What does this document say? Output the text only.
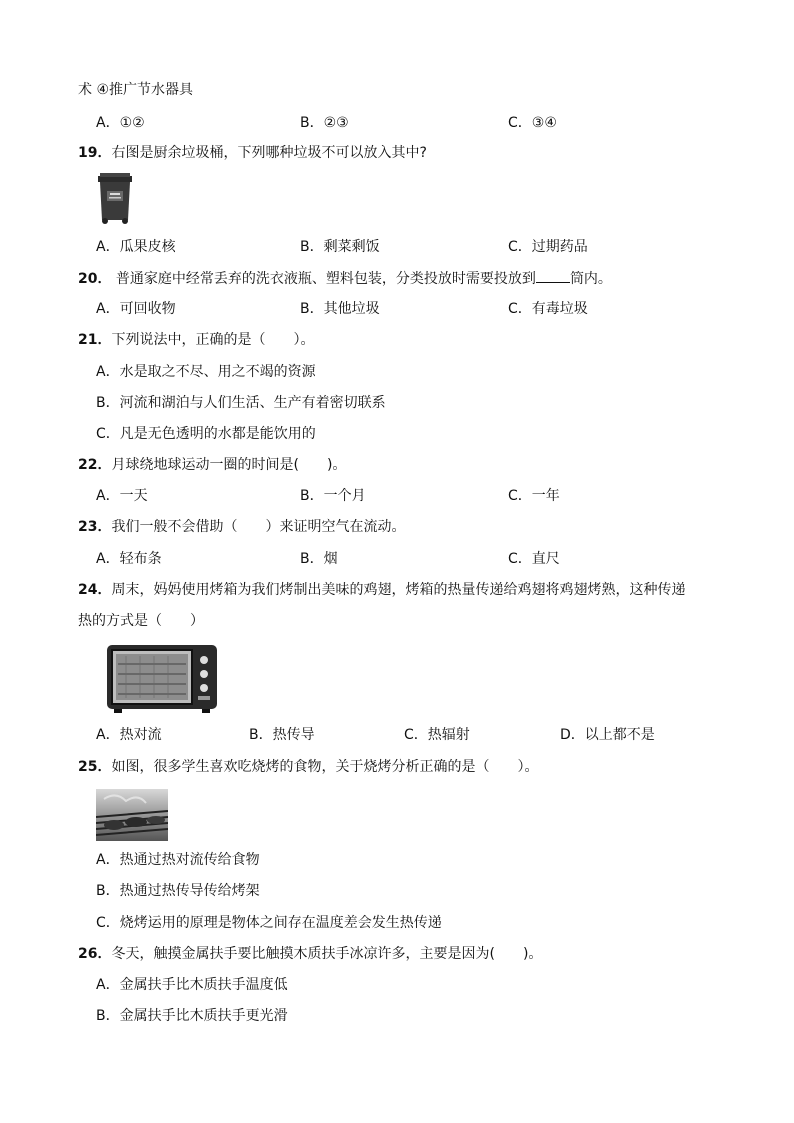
术 ④推广节水器具
A．①②	B．②③	C．③④
19．右图是厨余垃圾桶，下列哪种垃圾不可以放入其中?
A．瓜果皮核	B．剩菜剩饭	C．过期药品
20． 普通家庭中经常丢弃的洗衣液瓶、塑料包装，分类投放时需要投放到 筒内。
A．可回收物	B．其他垃圾	C．有毒垃圾
21．下列说法中，正确的是（　　）。
A．水是取之不尽、用之不竭的资源
B．河流和湖泊与人们生活、生产有着密切联系
C．凡是无色透明的水都是能饮用的
22．月球绕地球运动一圈的时间是(　　)。
A．一天	B．一个月	C．一年
23．我们一般不会借助（　　）来证明空气在流动。
A．轻布条	B．烟	C．直尺
24．周末，妈妈使用烤箱为我们烤制出美味的鸡翅，烤箱的热量传递给鸡翅将鸡翅烤熟，这种传递
热的方式是（　　）
A．热对流	B．热传导	C．热辐射	D．以上都不是
25．如图，很多学生喜欢吃烧烤的食物，关于烧烤分析正确的是（　　）。
A．热通过热对流传给食物
B．热通过热传导传给烤架
C．烧烤运用的原理是物体之间存在温度差会发生热传递
26．冬天，触摸金属扶手要比触摸木质扶手冰凉许多，主要是因为(　　)。
A．金属扶手比木质扶手温度低
B．金属扶手比木质扶手更光滑
